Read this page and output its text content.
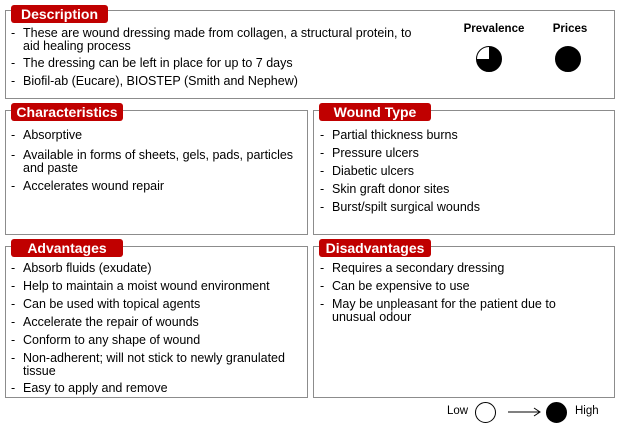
- These are wound dressing made from collagen, a structural protein, to aid healing process
- The dressing can be left in place for up to 7 days
- Biofil-ab (Eucare), BIOSTEP (Smith and Nephew)
Prevalence	Prices
Description
- Absorptive
- Available in forms of sheets, gels, pads, particles and paste
- Accelerates wound repair
Characteristics
- Partial thickness burns
- Pressure ulcers
- Diabetic ulcers
- Skin graft donor sites
- Burst/spilt surgical wounds
Wound Type
- Absorb fluids (exudate)
- Help to maintain a moist wound environment
- Can be used with topical agents
- Accelerate the repair of wounds
- Conform to any shape of wound
- Non-adherent; will not stick to newly granulated tissue
- Easy to apply and remove
Advantages
- Requires a secondary dressing
- Can be expensive to use
- May be unpleasant for the patient due to unusual odour
Disadvantages
Low	High
